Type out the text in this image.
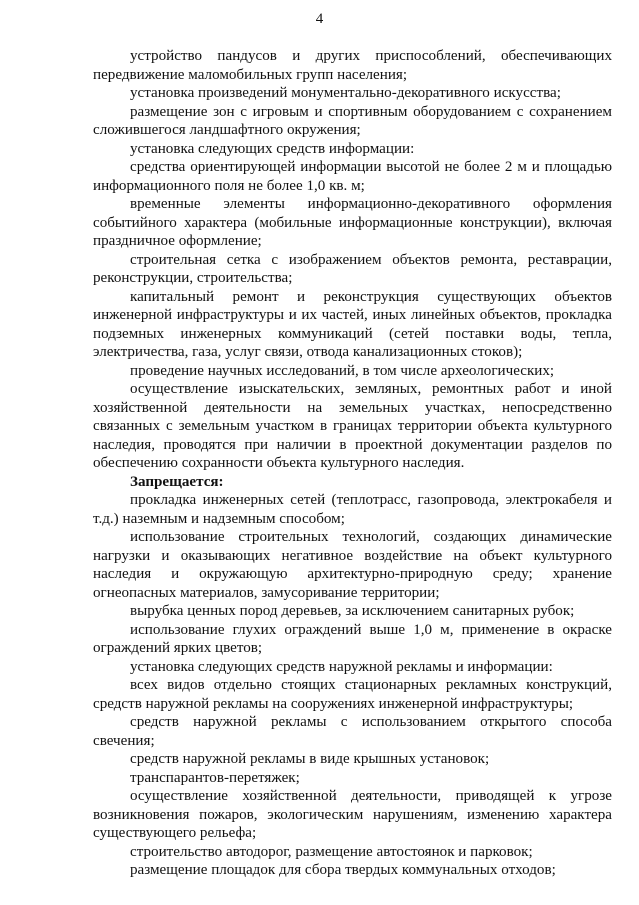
4

устройство пандусов и других приспособлений, обеспечивающих передвижение маломобильных групп населения;

установка произведений монументально-декоративного искусства;

размещение зон с игровым и спортивным оборудованием с сохранением сложившегося ландшафтного окружения;

установка следующих средств информации:

средства ориентирующей информации высотой не более 2 м и площадью информационного поля не более 1,0 кв. м;

временные элементы информационно-декоративного оформления событийного характера (мобильные информационные конструкции), включая праздничное оформление;

строительная сетка с изображением объектов ремонта, реставрации, реконструкции, строительства;

капитальный ремонт и реконструкция существующих объектов инженерной инфраструктуры и их частей, иных линейных объектов, прокладка подземных инженерных коммуникаций (сетей поставки воды, тепла, электричества, газа, услуг связи, отвода канализационных стоков);

проведение научных исследований, в том числе археологических;

осуществление изыскательских, земляных, ремонтных работ и иной хозяйственной деятельности на земельных участках, непосредственно связанных с земельным участком в границах территории объекта культурного наследия, проводятся при наличии в проектной документации разделов по обеспечению сохранности объекта культурного наследия.

Запрещается:

прокладка инженерных сетей (теплотрасс, газопровода, электрокабеля и т.д.) наземным и надземным способом;

использование строительных технологий, создающих динамические нагрузки и оказывающих негативное воздействие на объект культурного наследия и окружающую архитектурно-природную среду; хранение огнеопасных материалов, замусоривание территории;

вырубка ценных пород деревьев, за исключением санитарных рубок;

использование глухих ограждений выше 1,0 м, применение в окраске ограждений ярких цветов;

установка следующих средств наружной рекламы и информации:

всех видов отдельно стоящих стационарных рекламных конструкций, средств наружной рекламы на сооружениях инженерной инфраструктуры;

средств наружной рекламы с использованием открытого способа свечения;

средств наружной рекламы в виде крышных установок;

транспарантов-перетяжек;

осуществление хозяйственной деятельности, приводящей к угрозе возникновения пожаров, экологическим нарушениям, изменению характера существующего рельефа;

строительство автодорог, размещение автостоянок и парковок;

размещение площадок для сбора твердых коммунальных отходов;
